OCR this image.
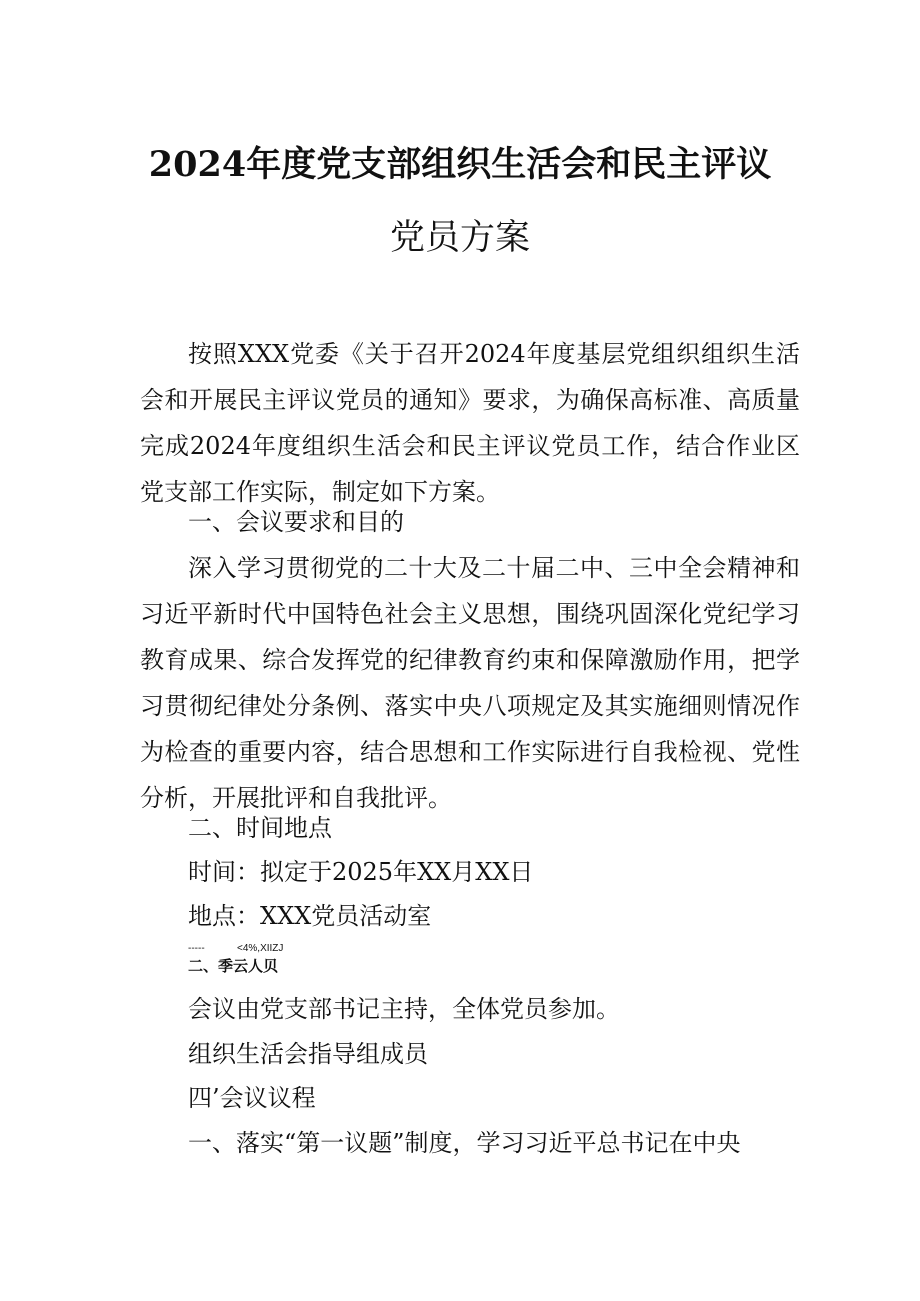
2024年度党支部组织生活会和民主评议
党员方案
按照XXX党委《关于召开2024年度基层党组织组织生活会和开展民主评议党员的通知》要求，为确保高标准、高质量完成2024年度组织生活会和民主评议党员工作，结合作业区党支部工作实际，制定如下方案。
一、会议要求和目的
深入学习贯彻党的二十大及二十届二中、三中全会精神和习近平新时代中国特色社会主义思想，围绕巩固深化党纪学习教育成果、综合发挥党的纪律教育约束和保障激励作用，把学习贯彻纪律处分条例、落实中央八项规定及其实施细则情况作为检查的重要内容，结合思想和工作实际进行自我检视、党性分析，开展批评和自我批评。
二、时间地点
时间：拟定于2025年XX月XX日
地点：XXX党员活动室
-----	<4%,XIIZJ
二、季云人贝
会议由党支部书记主持，全体党员参加。
组织生活会指导组成员
四’会议议程
一、落实“第一议题”制度，学习习近平总书记在中央
